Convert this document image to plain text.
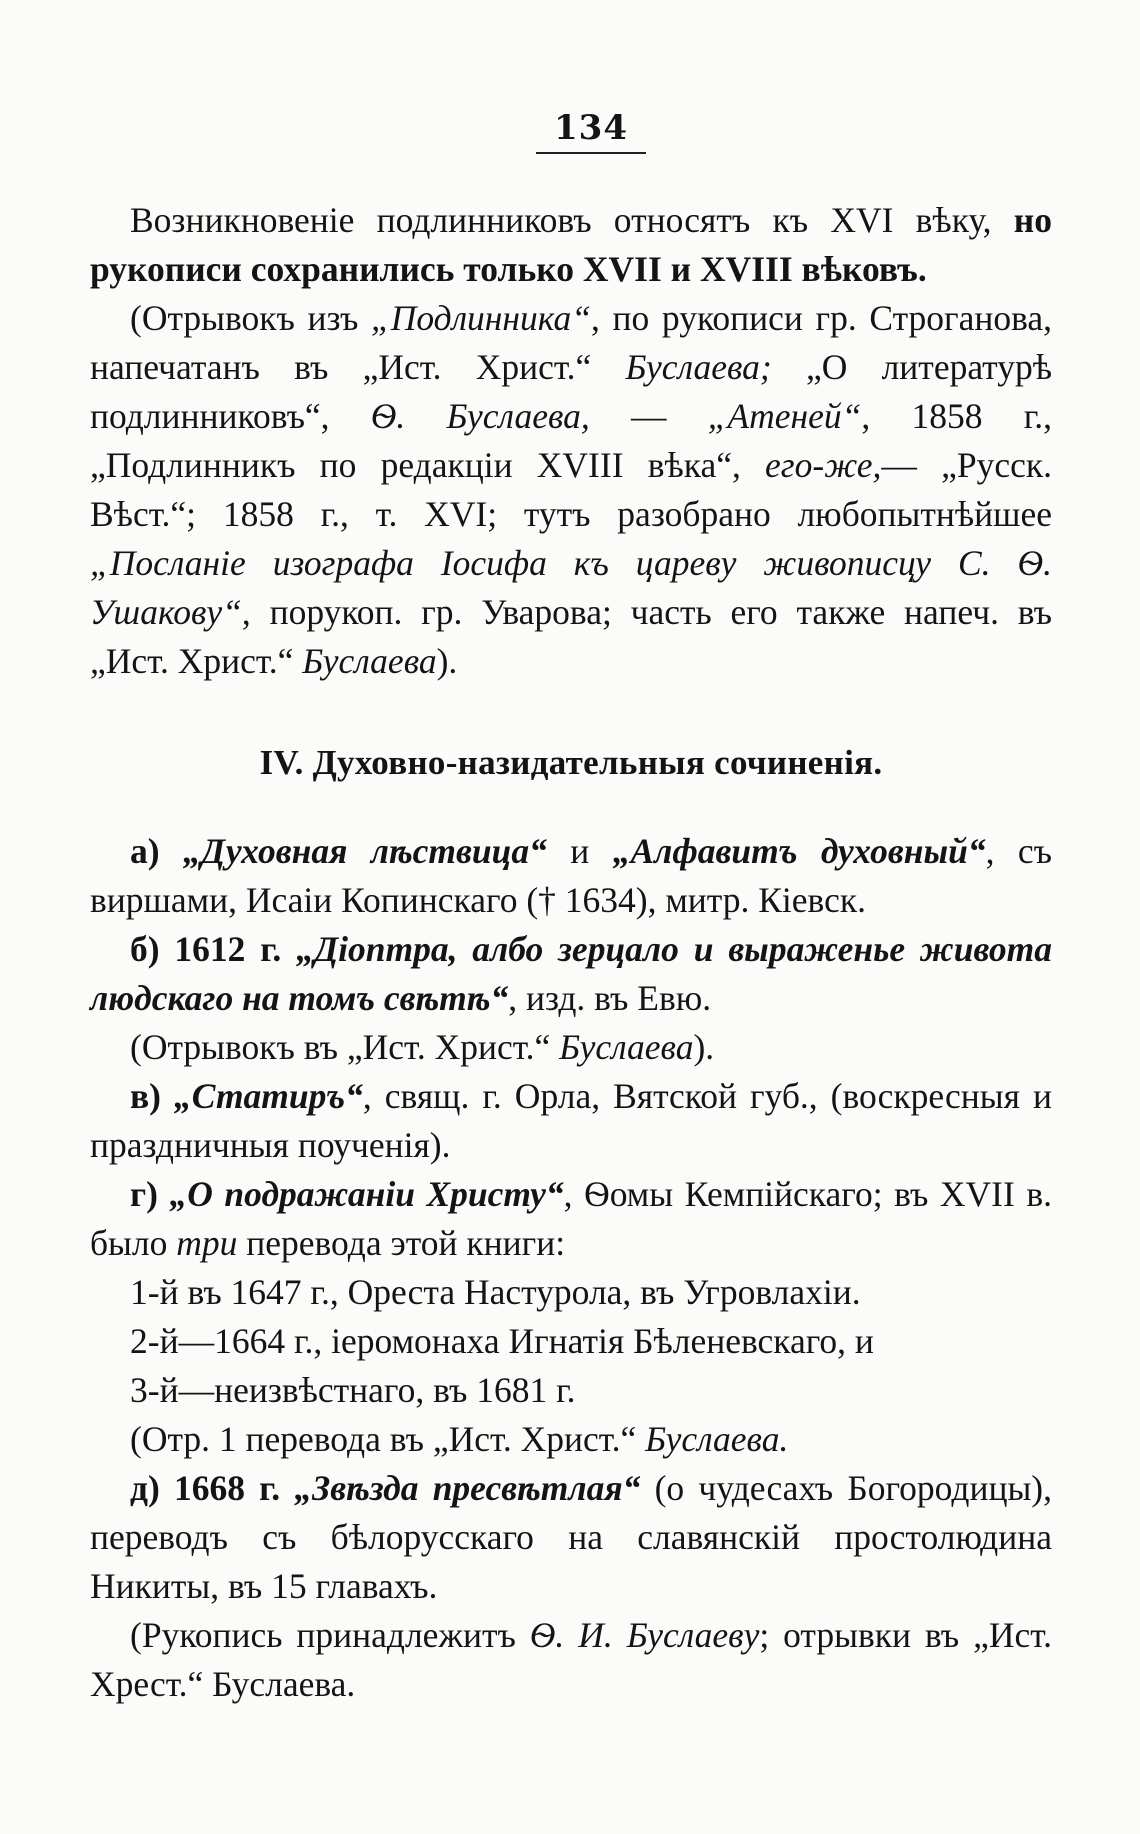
134

Возникновеніе подлинниковъ относятъ къ XVI вѣку, но рукописи сохранились только XVII и XVIII вѣковъ.

(Отрывокъ изъ „Подлинника“, по рукописи гр. Строганова, напечатанъ въ „Ист. Христ.“ Буслаева; „О литературѣ подлинниковъ“, Ѳ. Буслаева, — „Атеней“, 1858 г., „Подлинникъ по редакціи XVIII вѣка“, его-же,— „Русск. Вѣст.“; 1858 г., т. XVI; тутъ разобрано любопытнѣйшее „Посланіе изографа Іосифа къ цареву живописцу С. Ѳ. Ушакову“, порукоп. гр. Уварова; часть его также напеч. въ „Ист. Христ.“ Буслаева).

IV. Духовно-назидательныя сочиненія.

а) „Духовная лѣствица“ и „Алфавитъ духовный“, съ виршами, Исаіи Копинскаго († 1634), митр. Кіевск.

б) 1612 г. „Діоптра, албо зерцало и выраженье живота людскаго на томъ свѣтѣ“, изд. въ Евю.

(Отрывокъ въ „Ист. Христ.“ Буслаева).

в) „Статиръ“, свящ. г. Орла, Вятской губ., (воскресныя и праздничныя поученія).

г) „О подражаніи Христу“, Ѳомы Кемпійскаго; въ XVII в. было три перевода этой книги:

1-й въ 1647 г., Ореста Настурола, въ Угровлахіи.

2-й—1664 г., іеромонаха Игнатія Бѣленевскаго, и

3-й—неизвѣстнаго, въ 1681 г.

(Отр. 1 перевода въ „Ист. Христ.“ Буслаева.

д) 1668 г. „Звѣзда пресвѣтлая“ (о чудесахъ Богородицы), переводъ съ бѣлорусскаго на славянскій простолюдина Никиты, въ 15 главахъ.

(Рукопись принадлежитъ Ѳ. И. Буслаеву; отрывки въ „Ист. Хрест.“ Буслаева.
